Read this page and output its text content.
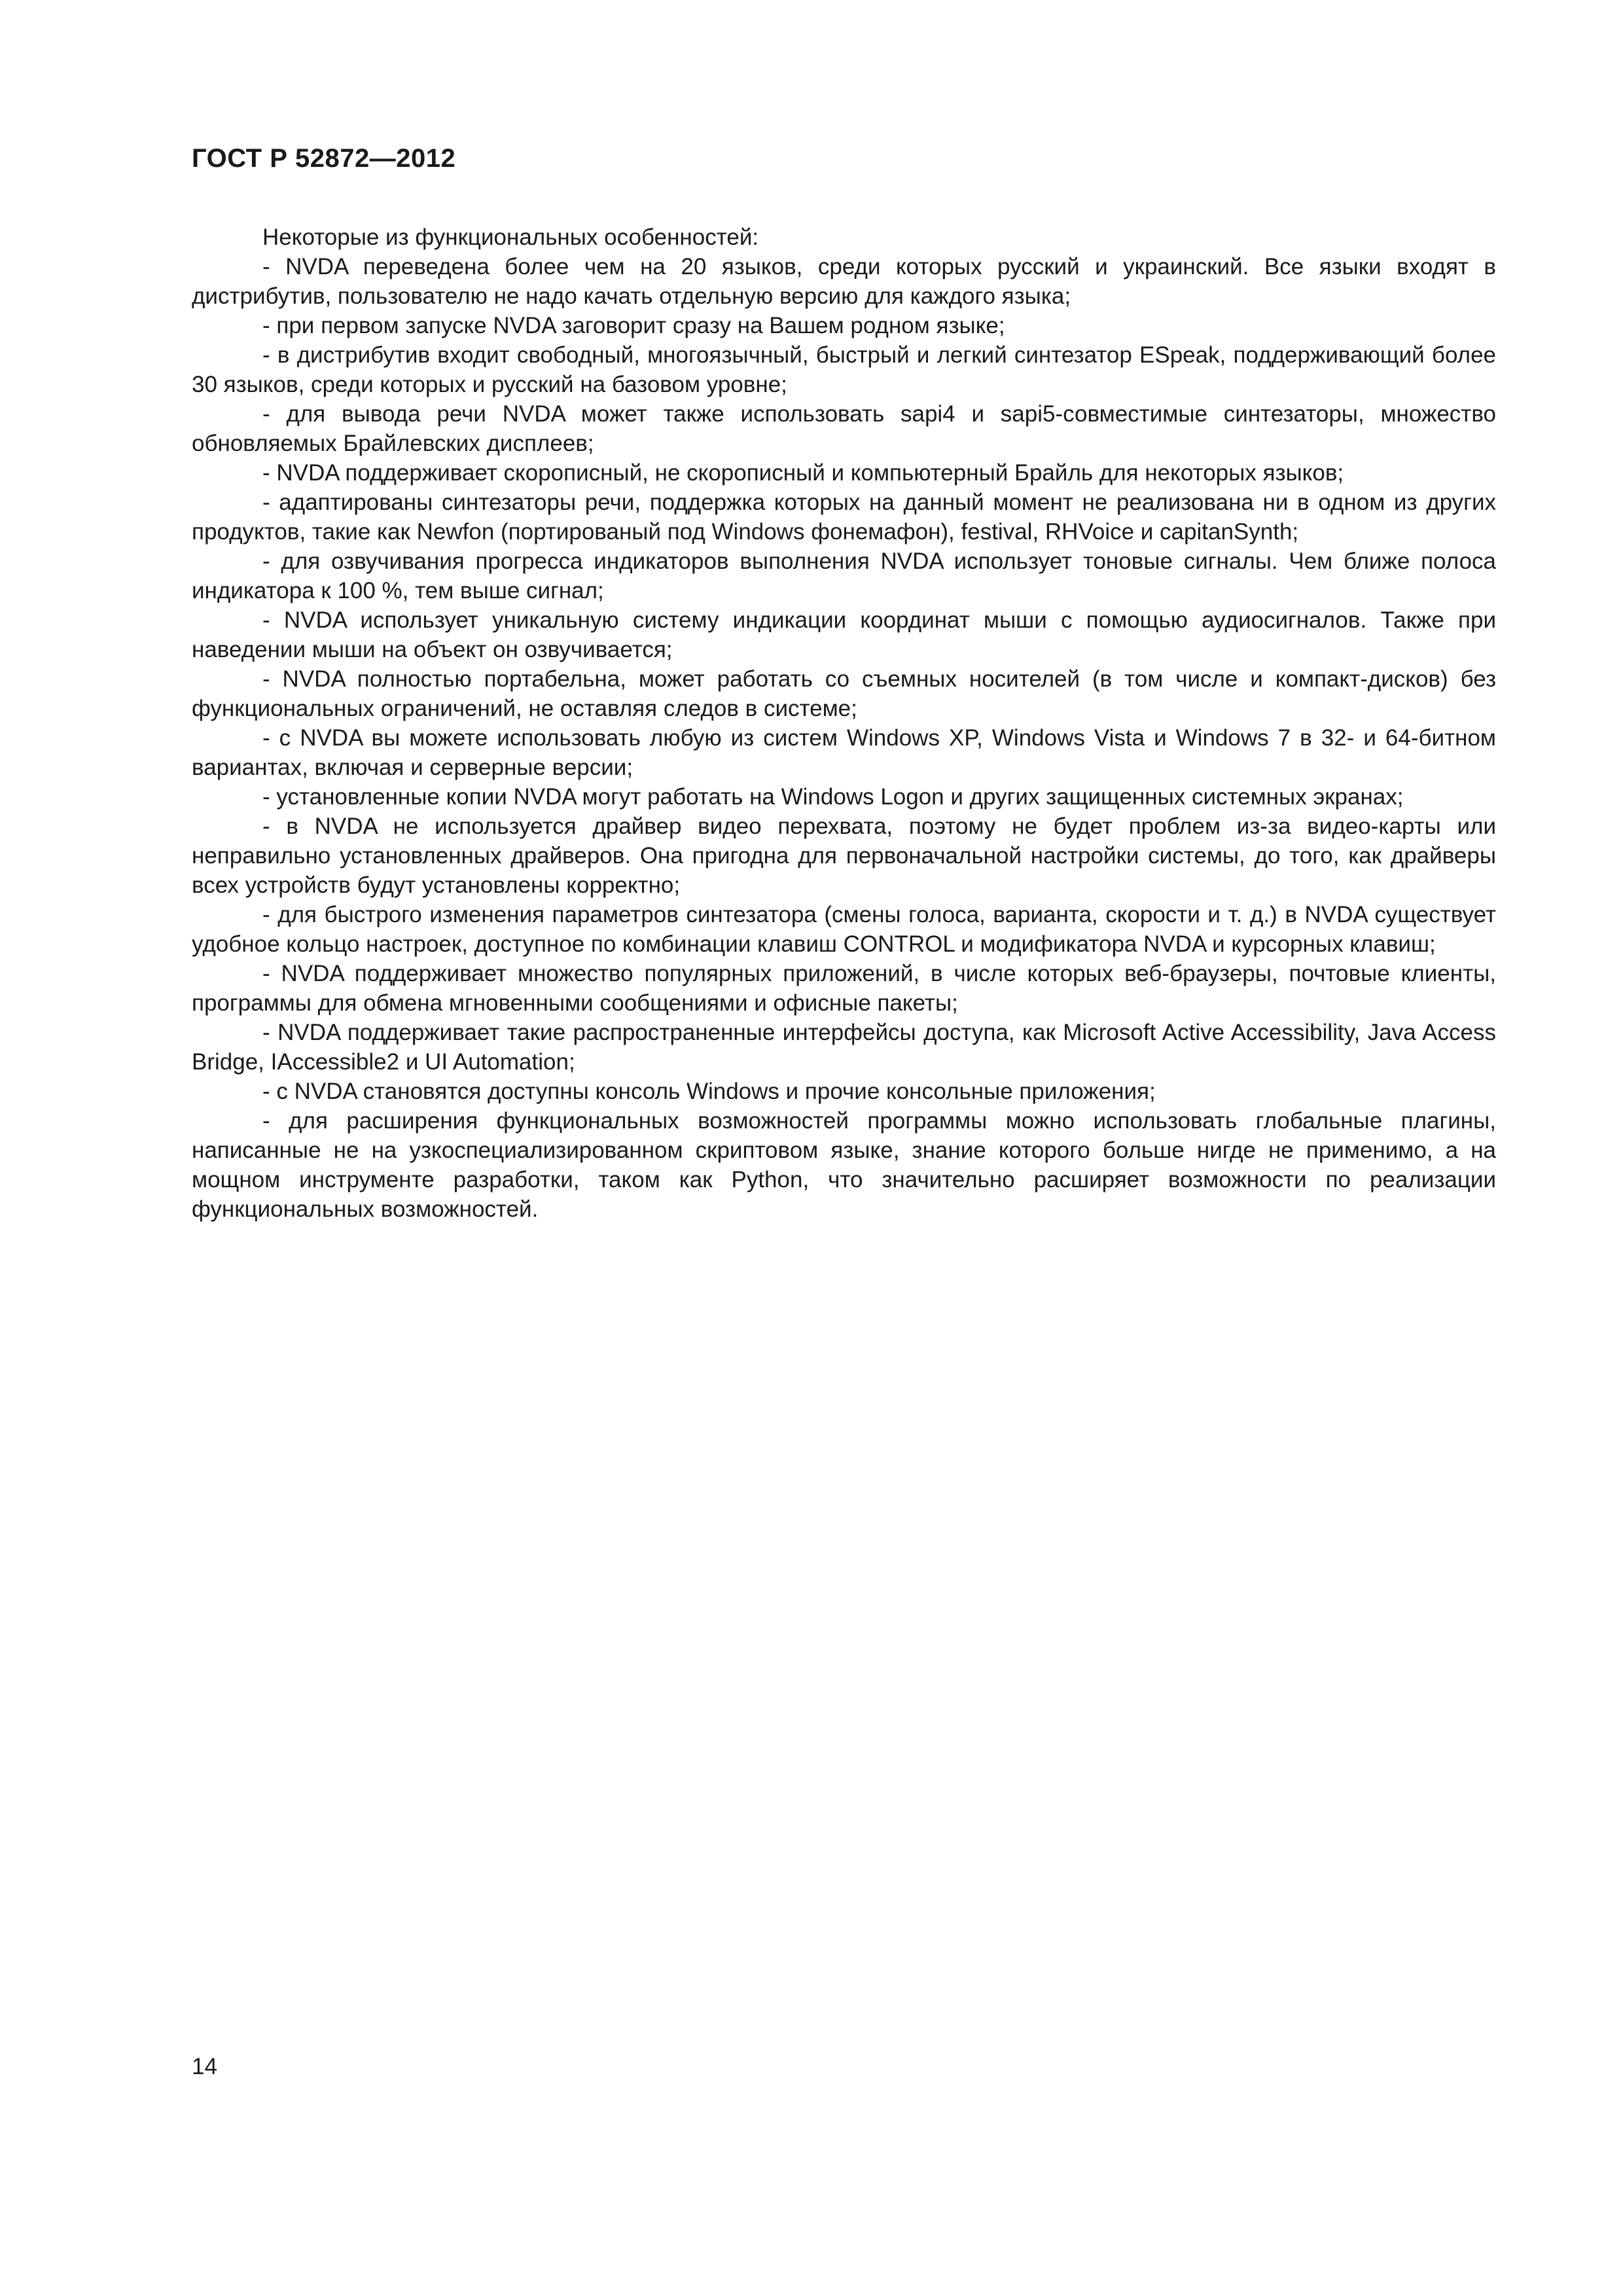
ГОСТ Р 52872—2012

Некоторые из функциональных особенностей:

- NVDA переведена более чем на 20 языков, среди которых русский и украинский. Все языки входят в дистрибутив, пользователю не надо качать отдельную версию для каждого языка;

- при первом запуске NVDA заговорит сразу на Вашем родном языке;

- в дистрибутив входит свободный, многоязычный, быстрый и легкий синтезатор ESpeak, поддерживающий более 30 языков, среди которых и русский на базовом уровне;

- для вывода речи NVDA может также использовать sapi4 и sapi5-совместимые синтезаторы, множество обновляемых Брайлевских дисплеев;

- NVDA поддерживает скорописный, не скорописный и компьютерный Брайль для некоторых языков;

- адаптированы синтезаторы речи, поддержка которых на данный момент не реализована ни в одном из других продуктов, такие как Newfon (портированый под Windows фонемафон), festival, RHVoice и capitanSynth;

- для озвучивания прогресса индикаторов выполнения NVDA использует тоновые сигналы. Чем ближе полоса индикатора к 100 %, тем выше сигнал;

- NVDA использует уникальную систему индикации координат мыши с помощью аудиосигналов. Также при наведении мыши на объект он озвучивается;

- NVDA полностью портабельна, может работать со съемных носителей (в том числе и компакт-дисков) без функциональных ограничений, не оставляя следов в системе;

- с NVDA вы можете использовать любую из систем Windows XP, Windows Vista и Windows 7 в 32- и 64-битном вариантах, включая и серверные версии;

- установленные копии NVDA могут работать на Windows Logon и других защищенных системных экранах;

- в NVDA не используется драйвер видео перехвата, поэтому не будет проблем из-за видео-карты или неправильно установленных драйверов. Она пригодна для первоначальной настройки системы, до того, как драйверы всех устройств будут установлены корректно;

- для быстрого изменения параметров синтезатора (смены голоса, варианта, скорости и т. д.) в NVDA существует удобное кольцо настроек, доступное по комбинации клавиш CONTROL и модификатора NVDA и курсорных клавиш;

- NVDA поддерживает множество популярных приложений, в числе которых веб-браузеры, почтовые клиенты, программы для обмена мгновенными сообщениями и офисные пакеты;

- NVDA поддерживает такие распространенные интерфейсы доступа, как Microsoft Active Accessibility, Java Access Bridge, IAccessible2 и UI Automation;

- с NVDA становятся доступны консоль Windows и прочие консольные приложения;

- для расширения функциональных возможностей программы можно использовать глобальные плагины, написанные не на узкоспециализированном скриптовом языке, знание которого больше нигде не применимо, а на мощном инструменте разработки, таком как Python, что значительно расширяет возможности по реализации функциональных возможностей.

14
